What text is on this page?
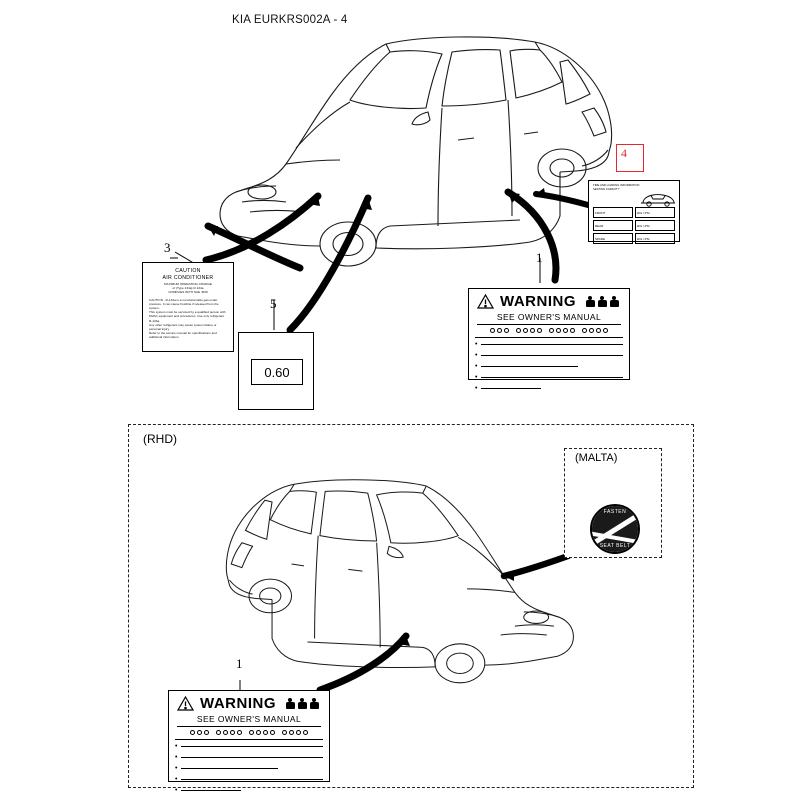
KIA EURKRS002A - 4
3
5
1
4
TIRE AND LOADING INFORMATION
SEATING CAPACITY
FRONT	kPa / PSI
REAR	kPa / PSI
SPARE	kPa / PSI
CAUTION
AIR CONDITIONER
MAXIMUM OPERATING CHARGE
of (Type 134a) R-134a
COMPLIES WITH SAE J639
CAUTION - R-134a is a non-flammable gas under pressure. It can cause frostbite if released from the system.
This system must be serviced by a qualified person with MVAC equipment and procedures. Use only refrigerant R-134a.
Any other refrigerant may cause system failure or personal injury.
Refer to the service manual for specifications and additional information.
0.60
WARNING
SEE OWNER'S MANUAL
•
•
•
•
•
(RHD)
1
(MALTA)
FASTEN
SEAT BELT
WARNING
SEE OWNER'S MANUAL
•
•
•
•
•
